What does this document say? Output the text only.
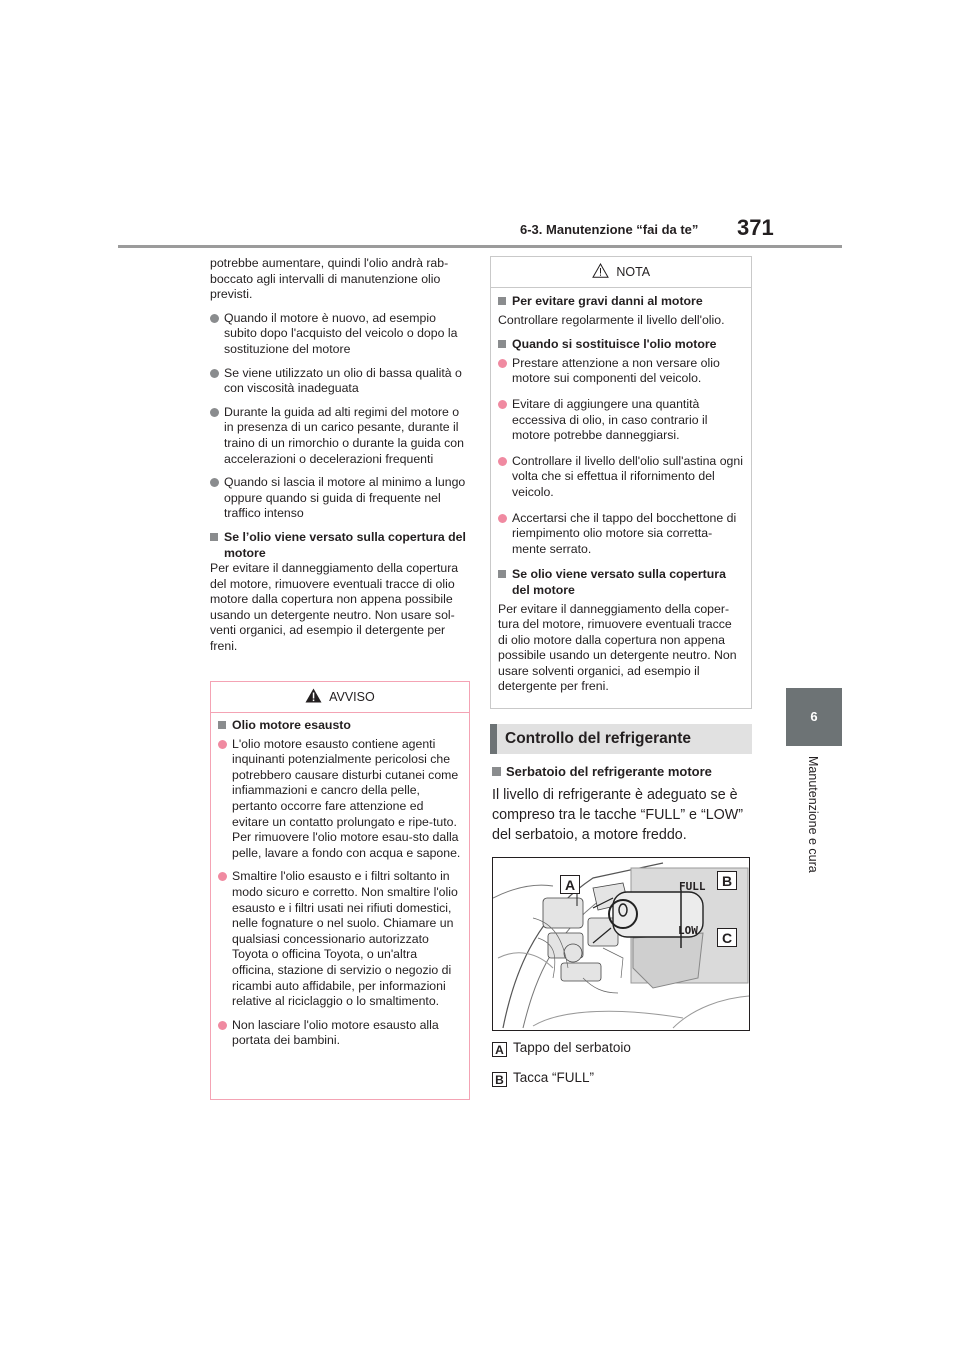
6-3. Manutenzione “fai da te” 371
6
Manutenzione e cura

potrebbe aumentare, quindi l'olio andrà rab-boccato agli intervalli di manutenzione olio previsti.

Quando il motore è nuovo, ad esempio subito dopo l'acquisto del veicolo o dopo la sostituzione del motore
Se viene utilizzato un olio di bassa qualità o con viscosità inadeguata
Durante la guida ad alti regimi del motore o in presenza di un carico pesante, durante il traino di un rimorchio o durante la guida con accelerazioni o decelerazioni frequenti
Quando si lascia il motore al minimo a lungo oppure quando si guida di frequente nel traffico intenso
Se l’olio viene versato sulla copertura del motore

Per evitare il danneggiamento della copertura del motore, rimuovere eventuali tracce di olio motore dalla copertura non appena possibile usando un detergente neutro. Non usare sol-venti organici, ad esempio il detergente per freni.

AVVISO
Olio motore esausto
L'olio motore esausto contiene agenti inquinanti potenzialmente pericolosi che potrebbero causare disturbi cutanei come infiammazioni e cancro della pelle, pertanto occorre fare attenzione ed evitare un contatto prolungato e ripe-tuto. Per rimuovere l'olio motore esau-sto dalla pelle, lavare a fondo con acqua e sapone.
Smaltire l'olio esausto e i filtri soltanto in modo sicuro e corretto. Non smaltire l'olio esausto e i filtri usati nei rifiuti domestici, nelle fognature o nel suolo. Chiamare un qualsiasi concessionario autorizzato Toyota o officina Toyota, o un'altra officina, stazione di servizio o negozio di ricambi auto affidabile, per informazioni relative al riciclaggio o lo smaltimento.
Non lasciare l'olio motore esausto alla portata dei bambini.
NOTA
Per evitare gravi danni al motore

Controllare regolarmente il livello dell'olio.

Quando si sostituisce l'olio motore
Prestare attenzione a non versare olio motore sui componenti del veicolo.
Evitare di aggiungere una quantità eccessiva di olio, in caso contrario il motore potrebbe danneggiarsi.
Controllare il livello dell'olio sull'astina ogni volta che si effettua il rifornimento del veicolo.
Accertarsi che il tappo del bocchettone di riempimento olio motore sia corretta-mente serrato.
Se olio viene versato sulla copertura del motore

Per evitare il danneggiamento della coper-tura del motore, rimuovere eventuali tracce di olio motore dalla copertura non appena possibile usando un detergente neutro. Non usare solventi organici, ad esempio il detergente per freni.

Controllo del refrigerante
Serbatoio del refrigerante motore

Il livello di refrigerante è adeguato se è compreso tra le tacche “FULL” e “LOW” del serbatoio, a motore freddo.

FULL
LOW
A	B
C
A Tappo del serbatoio
B Tacca “FULL”
